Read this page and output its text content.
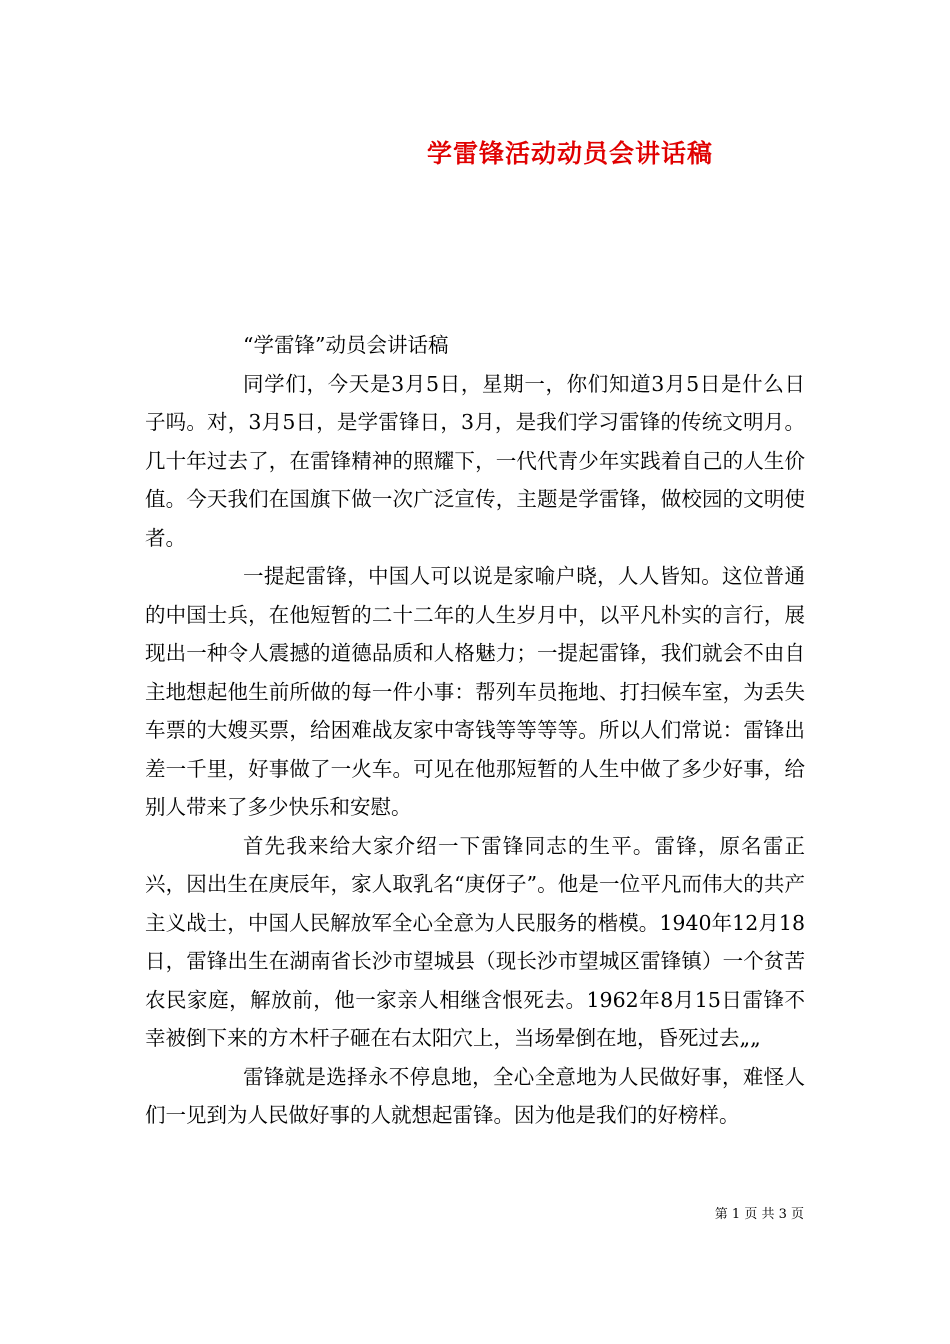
学雷锋活动动员会讲话稿

“学雷锋”动员会讲话稿

同学们，今天是3月5日，星期一，你们知道3月5日是什么日子吗。对，3月5日，是学雷锋日，3月，是我们学习雷锋的传统文明月。几十年过去了，在雷锋精神的照耀下，一代代青少年实践着自己的人生价值。今天我们在国旗下做一次广泛宣传，主题是学雷锋，做校园的文明使者。

一提起雷锋，中国人可以说是家喻户晓，人人皆知。这位普通的中国士兵，在他短暂的二十二年的人生岁月中，以平凡朴实的言行，展现出一种令人震撼的道德品质和人格魅力；一提起雷锋，我们就会不由自主地想起他生前所做的每一件小事：帮列车员拖地、打扫候车室，为丢失车票的大嫂买票，给困难战友家中寄钱等等等等。所以人们常说：雷锋出差一千里，好事做了一火车。可见在他那短暂的人生中做了多少好事，给别人带来了多少快乐和安慰。

首先我来给大家介绍一下雷锋同志的生平。雷锋，原名雷正兴，因出生在庚辰年，家人取乳名“庚伢子”。他是一位平凡而伟大的共产主义战士，中国人民解放军全心全意为人民服务的楷模。1940年12月18日，雷锋出生在湖南省长沙市望城县（现长沙市望城区雷锋镇）一个贫苦农民家庭，解放前，他一家亲人相继含恨死去。1962年8月15日雷锋不幸被倒下来的方木杆子砸在右太阳穴上，当场晕倒在地，昏死过去„„

雷锋就是选择永不停息地，全心全意地为人民做好事，难怪人们一见到为人民做好事的人就想起雷锋。因为他是我们的好榜样。

第 1 页 共 3 页
